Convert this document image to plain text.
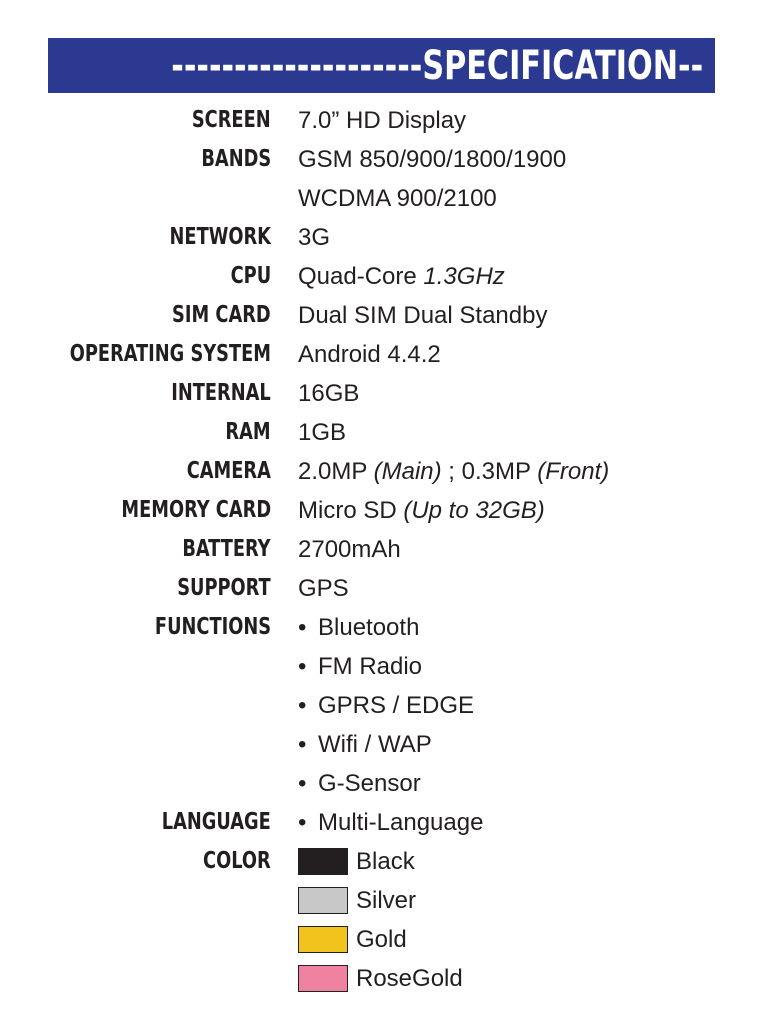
--------------------SPECIFICATION--
SCREEN 7.0” HD Display
BANDS GSM 850/900/1800/1900
WCDMA 900/2100
NETWORK 3G
CPU Quad-Core 1.3GHz
SIM CARD Dual SIM Dual Standby
OPERATING SYSTEM Android 4.4.2
INTERNAL 16GB
RAM 1GB
CAMERA 2.0MP (Main) ; 0.3MP (Front)
MEMORY CARD Micro SD (Up to 32GB)
BATTERY 2700mAh
SUPPORT GPS
FUNCTIONS • Bluetooth
• FM Radio
• GPRS / EDGE
• Wifi / WAP
• G-Sensor
LANGUAGE • Multi-Language
COLOR	Black
Silver
Gold
RoseGold
